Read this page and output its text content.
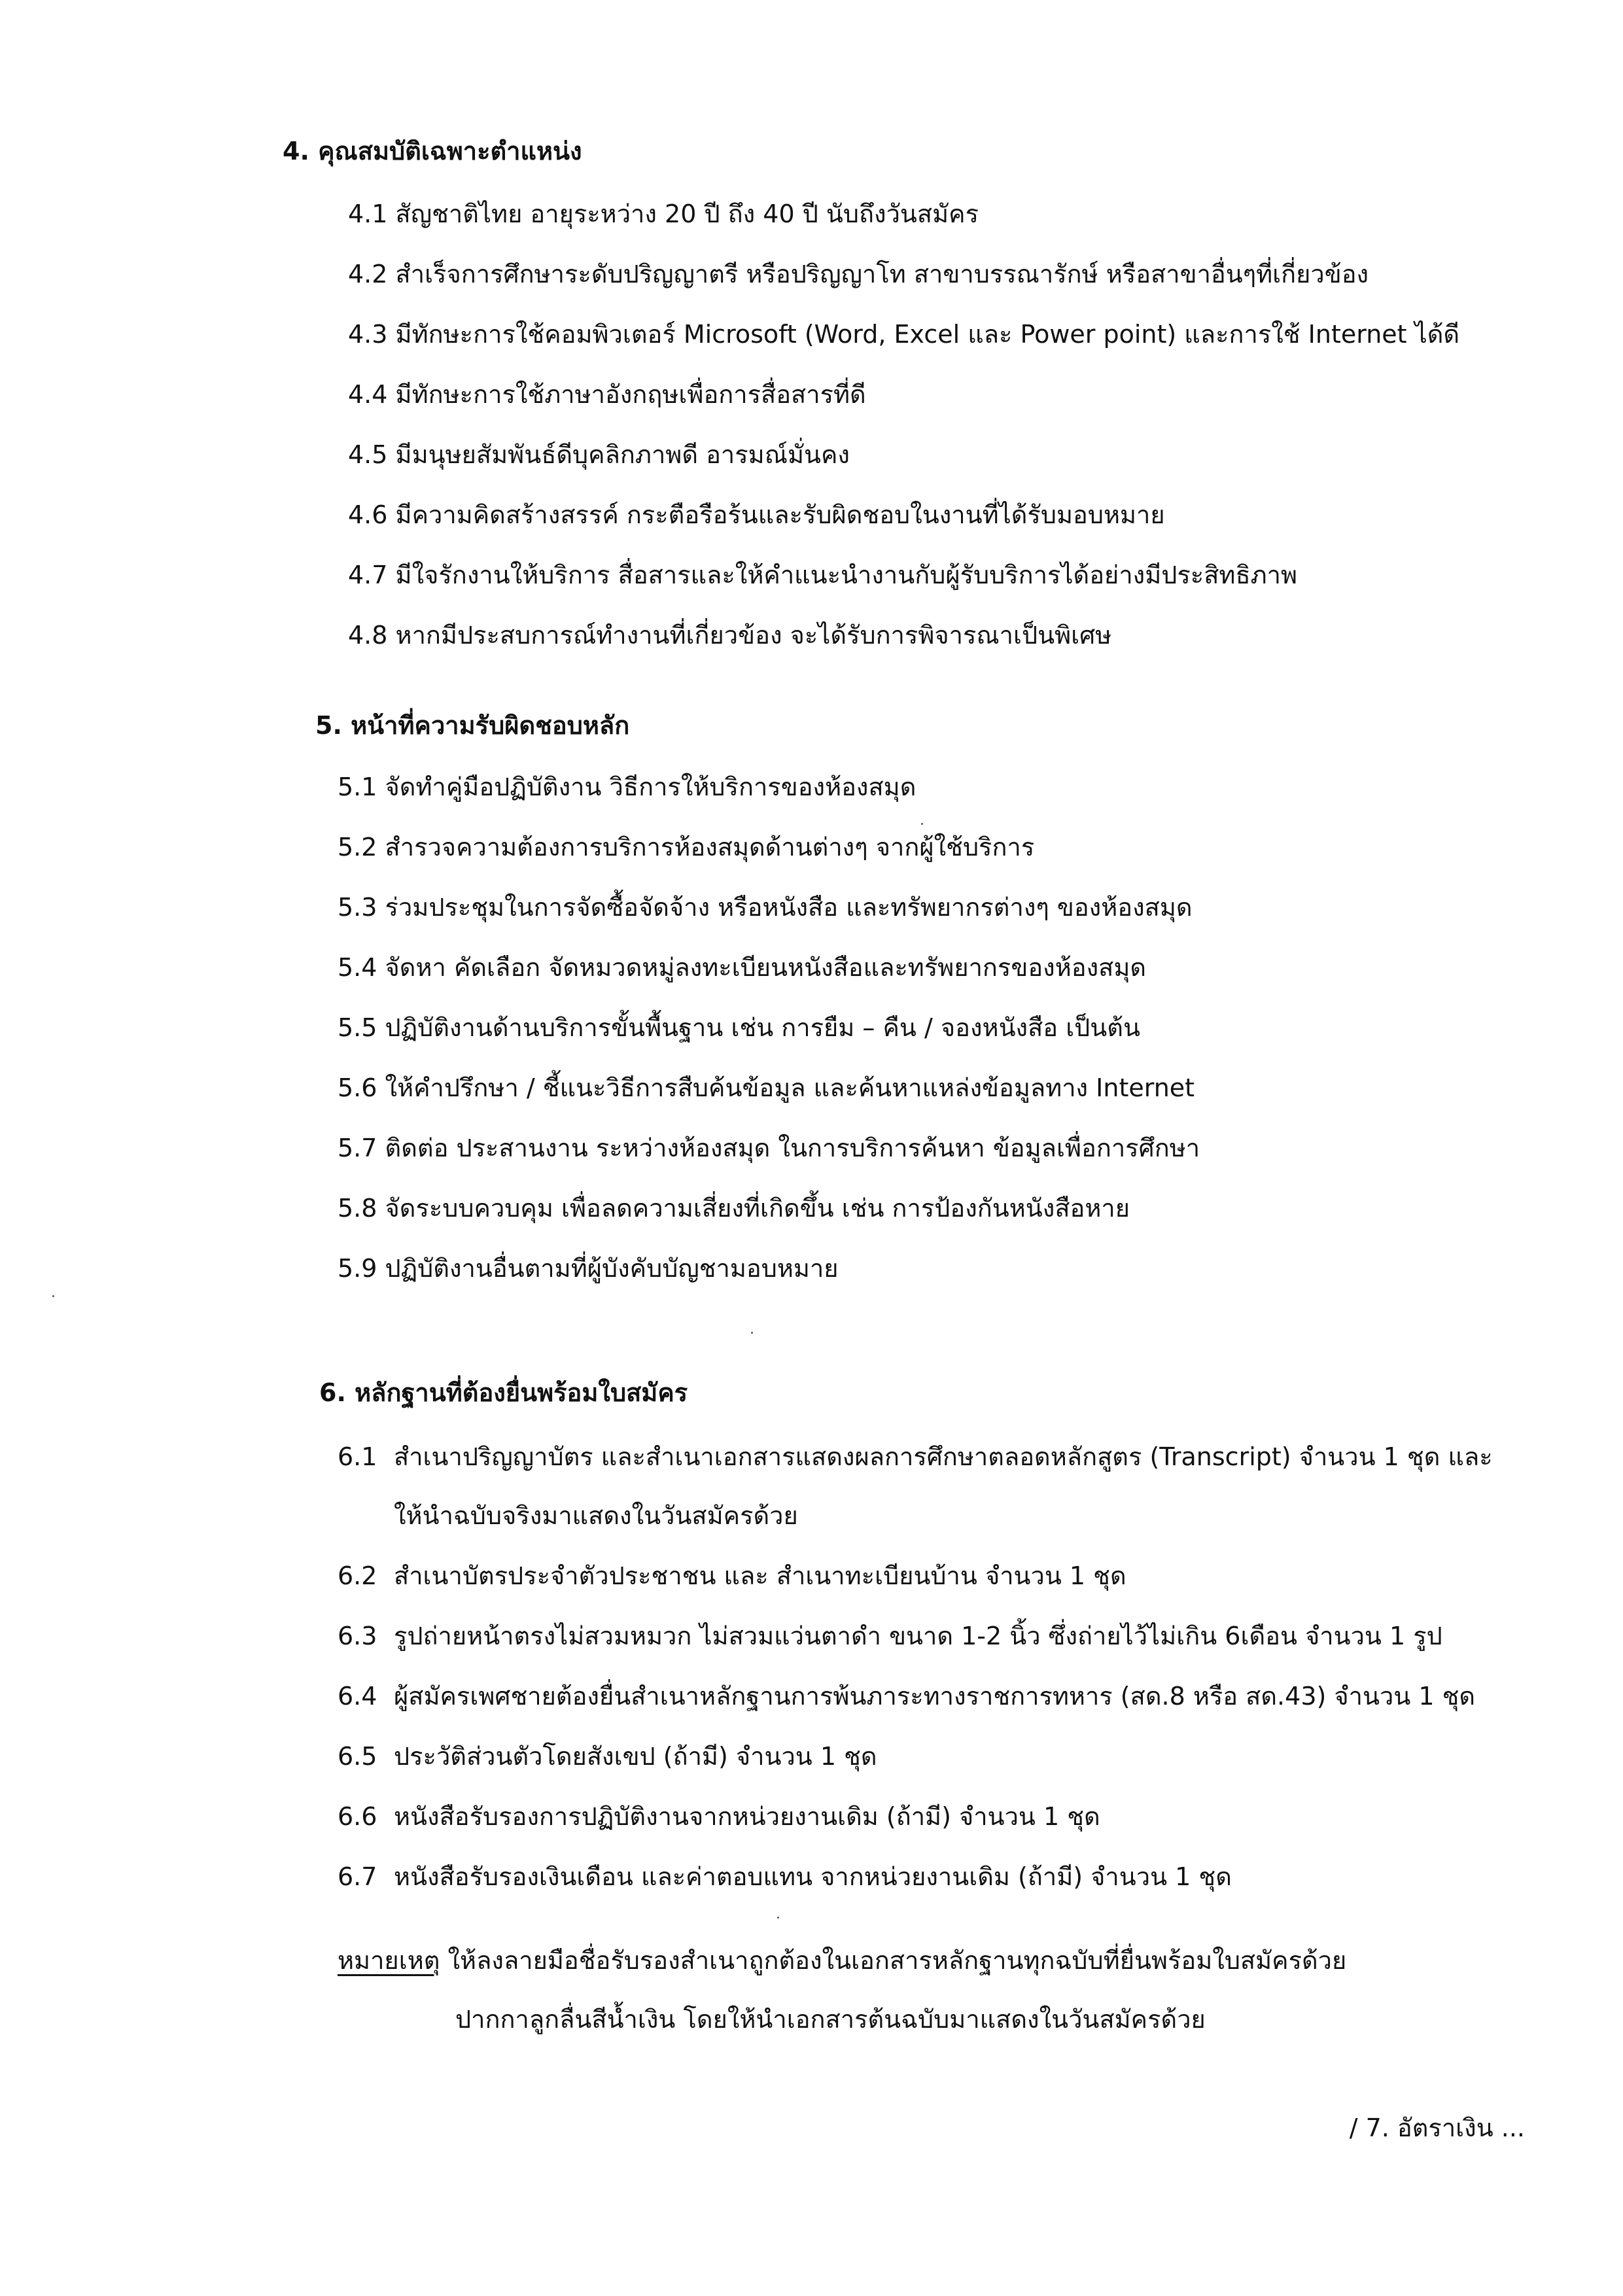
4. คุณสมบัติเฉพาะตำแหน่ง
4.1 สัญชาติไทย อายุระหว่าง 20 ปี ถึง 40 ปี นับถึงวันสมัคร
4.2 สำเร็จการศึกษาระดับปริญญาตรี หรือปริญญาโท สาขาบรรณารักษ์ หรือสาขาอื่นๆที่เกี่ยวข้อง
4.3 มีทักษะการใช้คอมพิวเตอร์ Microsoft (Word, Excel และ Power point) และการใช้ Internet ได้ดี
4.4 มีทักษะการใช้ภาษาอังกฤษเพื่อการสื่อสารที่ดี
4.5 มีมนุษยสัมพันธ์ดีบุคลิกภาพดี อารมณ์มั่นคง
4.6 มีความคิดสร้างสรรค์ กระตือรือร้นและรับผิดชอบในงานที่ได้รับมอบหมาย
4.7 มีใจรักงานให้บริการ สื่อสารและให้คำแนะนำงานกับผู้รับบริการได้อย่างมีประสิทธิภาพ
4.8 หากมีประสบการณ์ทำงานที่เกี่ยวข้อง จะได้รับการพิจารณาเป็นพิเศษ
5. หน้าที่ความรับผิดชอบหลัก
5.1 จัดทำคู่มือปฏิบัติงาน วิธีการให้บริการของห้องสมุด
5.2 สำรวจความต้องการบริการห้องสมุดด้านต่างๆ จากผู้ใช้บริการ
5.3 ร่วมประชุมในการจัดซื้อจัดจ้าง หรือหนังสือ และทรัพยากรต่างๆ ของห้องสมุด
5.4 จัดหา คัดเลือก จัดหมวดหมู่ลงทะเบียนหนังสือและทรัพยากรของห้องสมุด
5.5 ปฏิบัติงานด้านบริการขั้นพื้นฐาน เช่น การยืม – คืน / จองหนังสือ เป็นต้น
5.6 ให้คำปรึกษา / ชี้แนะวิธีการสืบค้นข้อมูล และค้นหาแหล่งข้อมูลทาง Internet
5.7 ติดต่อ ประสานงาน ระหว่างห้องสมุด ในการบริการค้นหา ข้อมูลเพื่อการศึกษา
5.8 จัดระบบควบคุม เพื่อลดความเสี่ยงที่เกิดขึ้น เช่น การป้องกันหนังสือหาย
5.9 ปฏิบัติงานอื่นตามที่ผู้บังคับบัญชามอบหมาย
6. หลักฐานที่ต้องยื่นพร้อมใบสมัคร
6.1 สำเนาปริญญาบัตร และสำเนาเอกสารแสดงผลการศึกษาตลอดหลักสูตร (Transcript) จำนวน 1 ชุด และ
ให้นำฉบับจริงมาแสดงในวันสมัครด้วย
6.2 สำเนาบัตรประจำตัวประชาชน และ สำเนาทะเบียนบ้าน จำนวน 1 ชุด
6.3 รูปถ่ายหน้าตรงไม่สวมหมวก ไม่สวมแว่นตาดำ ขนาด 1-2 นิ้ว ซึ่งถ่ายไว้ไม่เกิน 6เดือน จำนวน 1 รูป
6.4 ผู้สมัครเพศชายต้องยื่นสำเนาหลักฐานการพ้นภาระทางราชการทหาร (สด.8 หรือ สด.43) จำนวน 1 ชุด
6.5 ประวัติส่วนตัวโดยสังเขป (ถ้ามี) จำนวน 1 ชุด
6.6 หนังสือรับรองการปฏิบัติงานจากหน่วยงานเดิม (ถ้ามี) จำนวน 1 ชุด
6.7 หนังสือรับรองเงินเดือน และค่าตอบแทน จากหน่วยงานเดิม (ถ้ามี) จำนวน 1 ชุด
หมายเหตุ ให้ลงลายมือชื่อรับรองสำเนาถูกต้องในเอกสารหลักฐานทุกฉบับที่ยื่นพร้อมใบสมัครด้วย
ปากกาลูกลื่นสีน้ำเงิน โดยให้นำเอกสารต้นฉบับมาแสดงในวันสมัครด้วย
/ 7. อัตราเงิน ...
